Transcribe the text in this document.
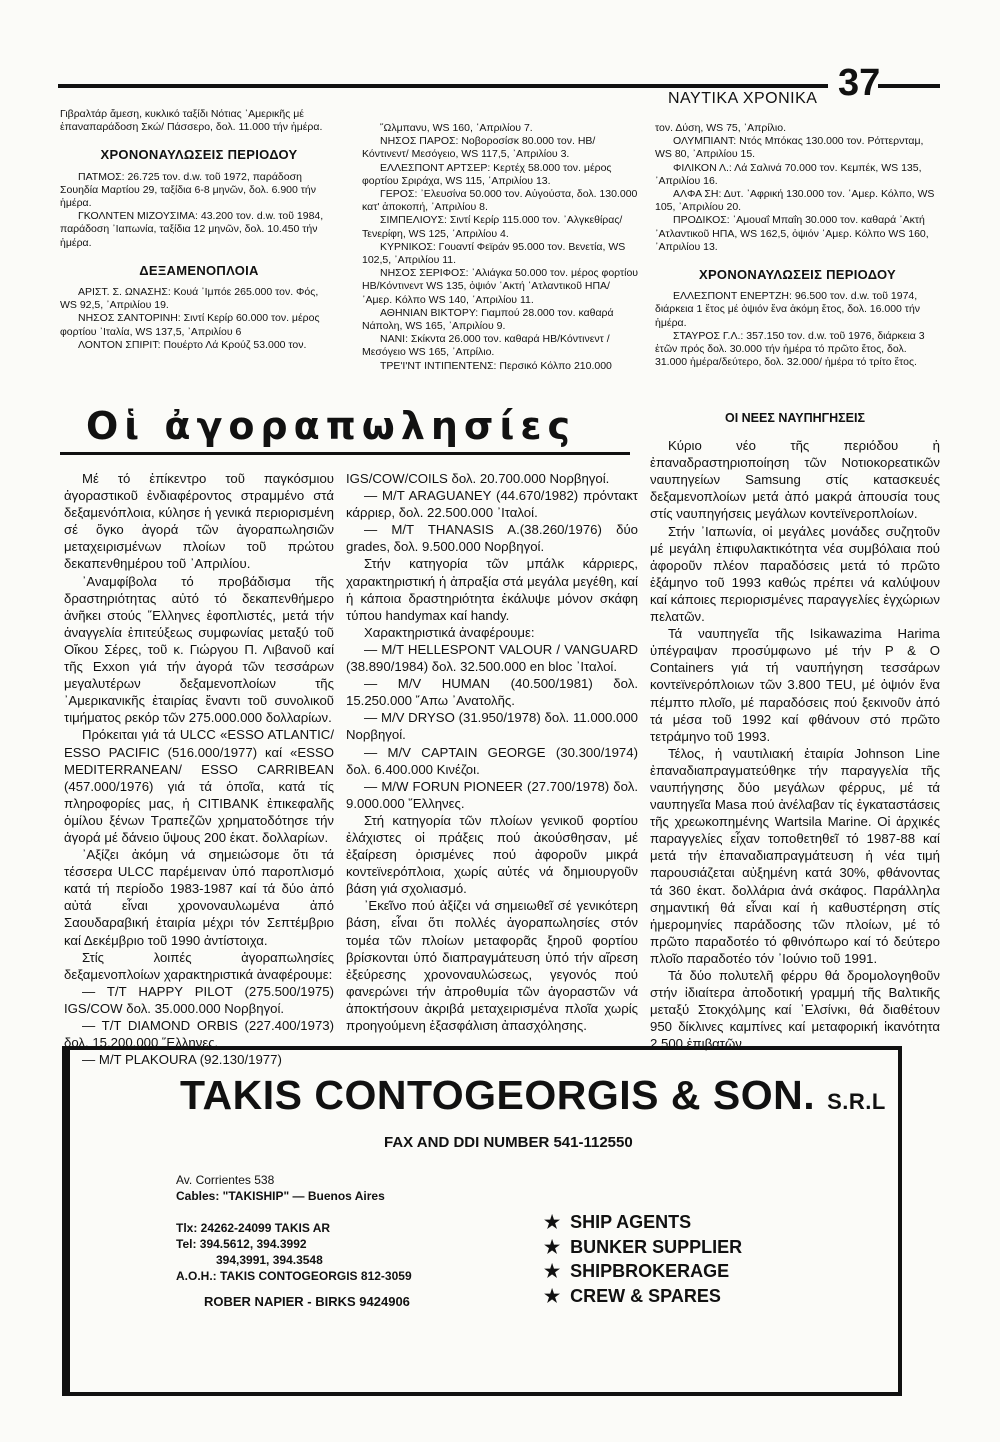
ΝΑΥΤΙΚΑ ΧΡΟΝΙΚΑ 37

Γιβραλτάρ ἄμεση, κυκλικό ταξίδι Νότιας ᾿Αμερικῆς μέ ἐπαναπαράδοση Σκώ/ Πάσσερο, δολ. 11.000 τήν ἡμέρα.

ΧΡΟΝΟΝΑΥΛΩΣΕΙΣ ΠΕΡΙΟΔΟΥ

ΠΑΤΜΟΣ: 26.725 τον. d.w. τοῦ 1972, παράδοση Σουηδία Μαρτίου 29, ταξίδια 6-8 μηνῶν, δολ. 6.900 τήν ἡμέρα.

ΓΚΟΛΝΤΕΝ ΜΙΖΟΥΣΙΜΑ: 43.200 τον. d.w. τοῦ 1984, παράδοση ᾿Ιαπωνία, ταξίδια 12 μηνῶν, δολ. 10.450 τήν ἡμέρα.

ΔΕΞΑΜΕΝΟΠΛΟΙΑ

ΑΡΙΣΤ. Σ. ΩΝΑΣΗΣ: Κουά ᾿Ιμπόε 265.000 τον. Φός, WS 92,5, ᾿Απριλίου 19.

ΝΗΣΟΣ ΣΑΝΤΟΡΙΝΗ: Σιντί Κερίρ 60.000 τον. μέρος φορτίου ᾿Ιταλία, WS 137,5, ᾿Απριλίου 6

ΛΟΝΤΟΝ ΣΠΙΡΙΤ: Πουέρτο Λά Κρούζ 53.000 τον.

῞Ωλμπανυ, WS 160, ᾿Απριλίου 7.

ΝΗΣΟΣ ΠΑΡΟΣ: Νοβοροσίσκ 80.000 τον. ΗΒ/Κόντινεντ/ Μεσόγειο, WS 117,5, ᾿Απριλίου 3.

ΕΛΛΕΣΠΟΝΤ ΑΡΤΣΕΡ: Κερτέχ 58.000 τον. μέρος φορτίου Σριράχα, WS 115, ᾿Απριλίου 13.

ΓΕΡΟΣ: ᾿Ελευσίνα 50.000 τον. Αὐγούστα, δολ. 130.000 κατ' ἀποκοπή, ᾿Απριλίου 8.

ΣΙΜΠΕΛΙΟΥΣ: Σιντί Κερίρ 115.000 τον. ᾿Αλγκεθίρας/ Τενερίφη, WS 125, ᾿Απριλίου 4.

ΚΥΡΝΙΚΟΣ: Γουαντί Φεϊράν 95.000 τον. Βενετία, WS 102,5, ᾿Απριλίου 11.

ΝΗΣΟΣ ΣΕΡΙΦΟΣ: ᾿Αλιάγκα 50.000 τον. μέρος φορτίου ΗΒ/Κόντινεντ WS 135, ὀψιόν ᾿Ακτή ᾿Ατλαντικοῦ ΗΠΑ/ ᾿Αμερ. Κόλπο WS 140, ᾿Απριλίου 11.

ΑΘΗΝΙΑΝ ΒΙΚΤΟΡΥ: Γιαμπού 28.000 τον. καθαρά Νάπολη, WS 165, ᾿Απριλίου 9.

ΝΑΝΙ: Σκίκντα 26.000 τον. καθαρά ΗΒ/Κόντινεντ /Μεσόγειο WS 165, ᾿Απρίλιο.

ΤΡΕ'Ι'ΝΤ ΙΝΤΙΠΕΝΤΕΝΣ: Περσικό Κόλπο 210.000

τον. Δύση, WS 75, ᾿Απρίλιο.

ΟΛΥΜΠΙΑΝΤ: Ντός Μπόκας 130.000 τον. Ρόττερνταμ, WS 80, ᾿Απριλίου 15.

ΦΙΛΙΚΟΝ Λ.: Λά Σαλινά 70.000 τον. Κεμπέκ, WS 135, ᾿Απριλίου 16.

ΑΛΦΑ ΣΗ: Δυτ. ᾿Αφρική 130.000 τον. ᾿Αμερ. Κόλπο, WS 105, ᾿Απριλίου 20.

ΠΡΟΔΙΚΟΣ: ᾿Αμουαΐ Μπαΐη 30.000 τον. καθαρά ᾿Ακτή ᾿Ατλαντικοῦ ΗΠΑ, WS 162,5, ὀψιόν ᾿Αμερ. Κόλπο WS 160, ᾿Απριλίου 13.

ΧΡΟΝΟΝΑΥΛΩΣΕΙΣ ΠΕΡΙΟΔΟΥ

ΕΛΛΕΣΠΟΝΤ ΕΝΕΡΤΖΗ: 96.500 τον. d.w. τοῦ 1974, διάρκεια 1 ἔτος μέ ὀψιόν ἕνα ἀκόμη ἔτος, δολ. 16.000 τήν ἡμέρα.

ΣΤΑΥΡΟΣ Γ.Λ.: 357.150 τον. d.w. τοῦ 1976, διάρκεια 3 ἐτῶν πρός δολ. 30.000 τήν ἡμέρα τό πρῶτο ἔτος, δολ. 31.000 ἡμέρα/δεύτερο, δολ. 32.000/ ἡμέρα τό τρίτο ἔτος.

Οἱ ἀγοραπωλησίες

Μέ τό ἐπίκεντρο τοῦ παγκόσμιου ἀγοραστικοῦ ἐνδιαφέροντος στραμμένο στά δεξαμενόπλοια, κύλησε ἡ γενικά περιορισμένη σέ ὄγκο ἀγορά τῶν ἀγοραπωλησιῶν μεταχειρισμένων πλοίων τοῦ πρώτου δεκαπενθημέρου τοῦ ᾿Απριλίου.

᾿Αναμφίβολα τό προβάδισμα τῆς δραστηριότητας αὐτό τό δεκαπενθήμερο ἀνῆκει στούς ῞Ελληνες ἐφοπλιστές, μετά τήν ἀναγγελία ἐπιτεύξεως συμφωνίας μεταξύ τοῦ Οἴκου Σέρες, τοῦ κ. Γιώργου Π. Λιβανοῦ καί τῆς Exxon γιά τήν ἀγορά τῶν τεσσάρων μεγαλυτέρων δεξαμενοπλοίων τῆς ᾿Αμερικανικῆς ἑταιρίας ἔναντι τοῦ συνολικοῦ τιμήματος ρεκόρ τῶν 275.000.000 δολλαρίων.

Πρόκειται γιά τά ULCC «ESSO ATLANTIC/ ESSO PACIFIC (516.000/1977) καί «ESSO MEDITERRANEAN/ ESSO CARRIBEAN (457.000/1976) γιά τά ὁποῖα, κατά τίς πληροφορίες μας, ἡ CITIBANK ἐπικεφαλῆς ὁμίλου ξένων Τραπεζῶν χρηματοδότησε τήν ἀγορά μέ δάνειο ὕψους 200 ἑκατ. δολλαρίων.

᾿Αξίζει ἀκόμη νά σημειώσομε ὅτι τά τέσσερα ULCC παρέμειναν ὑπό παροπλισμό κατά τή περίοδο 1983-1987 καί τά δύο ἀπό αὐτά εἶναι χρονοναυλωμένα ἀπό Σαουδαραβική ἑταιρία μέχρι τόν Σεπτέμβριο καί Δεκέμβριο τοῦ 1990 ἀντίστοιχα.

Στίς λοιπές ἀγοραπωλησίες δεξαμενοπλοίων χαρακτηριστικά ἀναφέρουμε:

— T/T HAPPY PILOT (275.500/1975) IGS/COW δολ. 35.000.000 Νορβηγοί.

— T/T DIAMOND ORBIS (227.400/1973) δολ. 15.200.000 ῞Ελληνες.

— M/T PLAKOURA (92.130/1977)

IGS/COW/COILS δολ. 20.700.000 Νορβηγοί.

— M/T ARAGUANEY (44.670/1982) πρόντακτ κάρριερ, δολ. 22.500.000 ᾿Ιταλοί.

— M/T THANASIS A.(38.260/1976) δύο grades, δολ. 9.500.000 Νορβηγοί.

Στήν κατηγορία τῶν μπάλκ κάρριερς, χαρακτηριστική ἡ ἀπραξία στά μεγάλα μεγέθη, καί ἡ κάποια δραστηριότητα ἐκάλυψε μόνον σκάφη τύπου handymax καί handy.

Χαρακτηριστικά ἀναφέρουμε:

— M/T HELLESPONT VALOUR / VANGUARD (38.890/1984) δολ. 32.500.000 en bloc ᾿Ιταλοί.

— M/V HUMAN (40.500/1981) δολ. 15.250.000 ῎Απω ᾿Ανατολῆς.

— M/V DRYSO (31.950/1978) δολ. 11.000.000 Νορβηγοί.

— M/V CAPTAIN GEORGE (30.300/1974) δολ. 6.400.000 Κινέζοι.

— M/W FORUN PIONEER (27.700/1978) δολ. 9.000.000 ῞Ελληνες.

Στή κατηγορία τῶν πλοίων γενικοῦ φορτίου ἐλάχιστες οἱ πράξεις πού ἀκούσθησαν, μέ ἐξαίρεση ὁρισμένες πού ἀφοροῦν μικρά κοντεϊνερόπλοια, χωρίς αὐτές νά δημιουργοῦν βάση γιά σχολιασμό.

᾿Εκεῖνο πού ἀξίζει νά σημειωθεῖ σέ γενικότερη βάση, εἶναι ὅτι πολλές ἀγοραπωλησίες στόν τομέα τῶν πλοίων μεταφορᾶς ξηροῦ φορτίου βρίσκονται ὑπό διαπραγμάτευση ὑπό τήν αἵρεση ἐξεύρεσης χρονοναυλώσεως, γεγονός πού φανερώνει τήν ἀπροθυμία τῶν ἀγοραστῶν νά ἀποκτήσουν ἀκριβά μεταχειρισμένα πλοῖα χωρίς προηγούμενη ἐξασφάλιση ἀπασχόλησης.

ΟΙ ΝΕΕΣ ΝΑΥΠΗΓΗΣΕΙΣ

Κύριο νέο τῆς περιόδου ἡ ἐπαναδραστηριοποίηση τῶν Νοτιοκορεατικῶν ναυπηγείων Samsung στίς κατασκευές δεξαμενοπλοίων μετά ἀπό μακρά ἀπουσία τους στίς ναυπηγήσεις μεγάλων κοντεϊνεροπλοίων.

Στήν ᾿Ιαπωνία, οἱ μεγάλες μονάδες συζητοῦν μέ μεγάλη ἐπιφυλακτικότητα νέα συμβόλαια πού ἀφοροῦν πλέον παραδόσεις μετά τό πρῶτο ἑξάμηνο τοῦ 1993 καθώς πρέπει νά καλύψουν καί κάποιες περιορισμένες παραγγελίες ἐγχώριων πελατῶν.

Τά ναυπηγεῖα τῆς Isikawazima Harima ὑπέγραψαν προσύμφωνο μέ τήν P & O Containers γιά τή ναυπήγηση τεσσάρων κοντεϊνερόπλοιων τῶν 3.800 TEU, μέ ὀψιόν ἕνα πέμπτο πλοῖο, μέ παραδόσεις πού ξεκινοῦν ἀπό τά μέσα τοῦ 1992 καί φθάνουν στό πρῶτο τετράμηνο τοῦ 1993.

Τέλος, ἡ ναυτιλιακή ἑταιρία Johnson Line ἐπαναδιαπραγματεύθηκε τήν παραγγελία τῆς ναυπήγησης δύο μεγάλων φέρρυς, μέ τά ναυπηγεῖα Masa πού ἀνέλαβαν τίς ἐγκαταστάσεις τῆς χρεωκοπημένης Wartsila Marine. Οἱ ἀρχικές παραγγελίες εἶχαν τοποθετηθεῖ τό 1987-88 καί μετά τήν ἐπαναδιαπραγμάτευση ἡ νέα τιμή παρουσιάζεται αὐξημένη κατά 30%, φθάνοντας τά 360 ἑκατ. δολλάρια ἀνά σκάφος. Παράλληλα σημαντική θά εἶναι καί ἡ καθυστέρηση στίς ἡμερομηνίες παράδοσης τῶν πλοίων, μέ τό πρῶτο παραδοτέο τό φθινόπωρο καί τό δεύτερο πλοῖο παραδοτέο τόν ᾿Ιούνιο τοῦ 1991.

Τά δύο πολυτελῆ φέρρυ θά δρομολογηθοῦν στήν ἰδιαίτερα ἀποδοτική γραμμή τῆς Βαλτικῆς μεταξύ Στοκχόλμης καί ᾿Ελσίνκι, θά διαθέτουν 950 δίκλινες καμπίνες καί μεταφορική ἱκανότητα 2.500 ἐπιβατῶν.

TAKIS CONTOGEORGIS & SON. S.R.L
FAX AND DDI NUMBER 541-112550
Av. Corrientes 538
Cables: "TAKISHIP" — Buenos Aires
Tlx: 24262-24099 TAKIS AR
Tel: 394.5612, 394.3992
394,3991, 394.3548
A.O.H.: TAKIS CONTOGEORGIS 812-3059
ROBER NAPIER - BIRKS 9424906
★ SHIP AGENTS
★ BUNKER SUPPLIER
★ SHIPBROKERAGE
★ CREW & SPARES
